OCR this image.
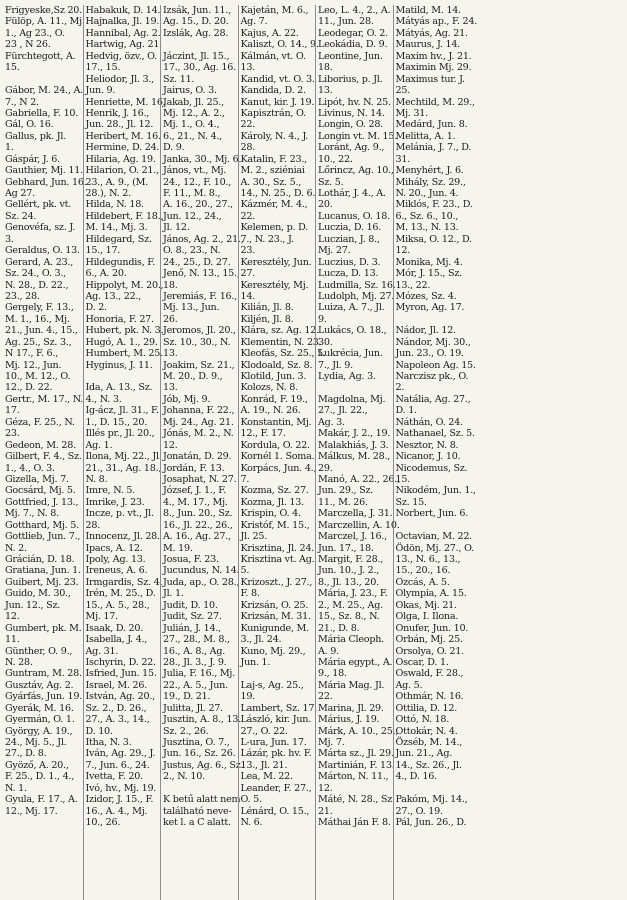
Frigyeske,Sz 20.
Fülöp, A. 11., Mj.
1., Ag 23., O.
23 , N 26.
Fürchtegott, A.
15.
Gábor, M. 24., A.
7., N 2.
Gabriella, F. 10.
Gál, O. 16.
Gallus, pk. Jl.
1.
Gáspár, J. 6.
Gauthier, Mj. 11.
Gebhard, Jun. 16.
Ag 27.
Gellért, pk. vt.
Sz. 24.
Genovéfa, sz. J.
3.
Geraldus, O. 13.
Gerard, A. 23.,
Sz. 24., O. 3.,
N. 28., D. 22.,
23., 28.
Gergely, F. 13.,
M. 1., 16., Mj.
21., Jun. 4., 15.,
Ag. 25., Sz. 3.,
N 17., F. 6.,
Mj. 12., Jun.
10., M. 12., O.
12., D. 22.
Gertr., M. 17., N.
17.
Géza, F. 25., N.
23.
Gedeon, M. 28.
Gilbert, F. 4., Sz.
1., 4., O. 3.
Gizella, Mj. 7.
Gocsárd, Mj. 5.
Gottfried, J. 13.,
Mj. 7., N. 8.
Gotthard, Mj. 5.
Gottlieb, Jun. 7.,
N. 2.
Grácián, D. 18.
Gratiana, Jun. 1.
Guibert, Mj. 23.
Guido, M. 30.,
Jun. 12., Sz.
12.
Gumbert, pk. M.
11.
Günther, O. 9.,
N. 28.
Guntram, M. 28.
Gusztáv, Ag. 2.
Gyárfás, Jun. 19.
Gyerák, M. 16.
Gyermán, O. 1.
György, A. 19.,
24., Mj. 5., Jl.
27., D. 8.
Gyöző, A. 20.,
F. 25., D. 1., 4.,
N. 1.
Gyula, F. 17., A.
12., Mj. 17.
Habakuk, D. 14.
Hajnalka, Jl. 19.
Hannibal, Ag. 2.
Hartwig, Ag. 21.
Hedvig, özv., O.
17., 15.
Heliodor, Jl. 3.,
Jun. 9.
Henriette, M. 16.
Henrik, J. 16.,
Jun. 28., Jl. 12.
Heribert, M. 16.
Hermine, D. 24.
Hilaria, Ag. 19.
Hilarion, O. 21.,
23., A. 9., (M.
28.), N. 2.
Hilda, N. 18.
Hildebert, F. 18.,
M. 14., Mj. 3.
Hildegard, Sz.
15., 17.
Hildegundis, F.
6., A. 20.
Hippolyt, M. 20.,
Ag. 13., 22.,
D. 2.
Honoria, F. 27.
Hubert, pk. N. 3.
Hugó, A. 1., 29.
Humbert, M. 25.
Hyginus, J. 11.
Ida, A. 13., Sz.
4., N. 3.
Ig-ácz, Jl. 31., F.
1., D. 15., 20.
Illés pr., Jl. 20.,
Ag. 1.
Ilona, Mj. 22., Jl.
21., 31., Ag. 18.,
N. 8.
Imre, N. 5.
Imrike, J. 23.
Incze, p. vt., Jl.
28.
Innocenz, Jl. 28.
Ipacs, A. 12.
Ipoly, Ag. 13.
Ireneus, A. 6.
Irmgardis, Sz. 4.
Irén, M. 25., D.
15., A. 5., 28.,
Mj. 17.
Isaak, D. 20.
Isabella, J. 4.,
Ag. 31.
Ischyrin, D. 22.
Isfried, Jun. 15.
Israel, M. 26.
István, Ag. 20.,
Sz. 2., D. 26.,
27., A. 3., 14.,
D. 10.
Itha, N. 3.
Iván, Ag. 29., J.
7., Jun. 6., 24.
Ivetta, F. 20.
Ivó, hv., Mj. 19.
Izidor, J. 15., F.
16., A. 4., Mj.
10., 26.
Izsák, Jun. 11.,
Ag. 15., D. 20.
Izslák, Ag. 28.
Jáczint, Jl. 15.,
17., 30., Ag. 16.
Sz. 11.
Jairus, O. 3.
Jakab, Jl. 25.,
Mj. 12., A. 2.,
Mj. 1., O. 4.,
6., 21., N. 4.,
D. 9.
Janka, 30., Mj. 6.
János, vt., Mj.
24., 12., F. 10.,
F. 11., M. 8.,
A. 16., 20., 27.,
Jun. 12., 24.,
Jl. 12.
János, Ag. 2., 21.,
O. 8., 23., N.
24., 25., D. 27.
Jenő, N. 13., 15.,
18.
Jeremiás, F. 16.,
Mj. 13., Jun.
26.
Jeromos, Jl. 20.,
Sz. 10., 30., N.
13.
Joakim, Sz. 21.,
M. 20., D. 9.,
13.
Jób, Mj. 9.
Johanna, F. 22.,
Mj. 24., Ag. 21.
Jónás, M. 2., N.
12.
Jonatán, D. 29.
Jordán, F. 13.
Josaphat, N. 27.
József, J. 1., F.
4., M. 17., Mj.
8., Jun. 20., Sz.
16., Jl. 22., 26.,
A. 16., Ag. 27.,
M. 19.
Josua, F. 23.
Jucundus, N. 14.
Juda, ap., O. 28.,
Jl. 1.
Judit, D. 10.
Judit, Sz. 27.
Julián, J. 14.,
27., 28., M. 8.,
16., A. 8., Ag.
28., Jl. 3., J. 9.
Julia, F. 16., Mj.
22., A. 5., Jun.
19., D. 21.
Julitta, Jl. 27.
Jusztin, A. 8., 13.
Sz. 2., 26.
Jusztina, O. 7.,
Jun. 16., Sz. 26.
Justus, Ag. 6., Sz.
2., N. 10.
K betű alatt nem
található neve-
ket l. a C alatt.
Kajetán, M. 6.,
Ag. 7.
Kajus, A. 22.
Kaliszt, O. 14., 9.
Kálmán, vt. O.
13.
Kandid, vt. O. 3.
Kandida, D. 2.
Kanut, kir. J. 19.
Kapisztrán, O.
22.
Károly, N. 4., J.
28.
Katalin, F. 23.,
M. 2., sziéniai
A. 30., Sz. 5.,
14., N. 25., D. 6.
Kázmér, M. 4.,
22.
Kelemen, p. D.
7., N. 23., J.
23.
Keresztély, Jun.
27.
Keresztély, Mj.
14.
Kilián, Jl. 8.
Kiljén, Jl. 8.
Klára, sz. Ag. 12.
Klementin, N. 23.
Kleofás, Sz. 25., 5.
Klodoald, Sz. 8.
Klotild, Jun. 3.
Kolozs, N. 8.
Konrád, F. 19.,
A. 19., N. 26.
Konstantin, Mj.
12., F. 17.
Kordula, O. 22.
Kornél 1. Soma.
Korpács, Jun. 4.,
7.
Kozma, Sz. 27.
Kozma, Jl. 13.
Krispin, O. 4.
Kristóf, M. 15.,
Jl. 25.
Krisztina, Jl. 24.
Krisztina vt. Ag.
5.
Krizoszt., J. 27.,
F. 8.
Krizsán, O. 25.
Krizsán, M. 31.
Kunigunde, M.
3., Jl. 24.
Kuno, Mj. 29.,
Jun. 1.
Laj-s, Ag. 25.,
19.
Lambert, Sz. 17.
László, kir. Jun.
27., O. 22.
L-ura, Jun. 17.
Lázár, pk. hv. F.
13., Jl. 21.
Lea, M. 22.
Leander, F. 27.,
O. 5.
Lénárd, O. 15.,
N. 6.
Leo, L. 4., 2., A.
11., Jun. 28.
Leodegar, O. 2.
Leokádia, D. 9.
Leontine, Jun.
18.
Liborius, p. Jl.
13.
Lipót, hv. N. 25.
Livinus, N. 14.
Longin, O. 28.
Longin vt. M. 15.
Loránt, Ag. 9.,
10., 22.
Lőrincz, Ag. 10.,
Sz. 5.
Lothár, J. 4., A.
20.
Lucanus, O. 18.
Luczia, D. 16.
Luczian, J. 8.,
Mj. 27.
Luczius, D. 3.
Lucza, D. 13.
Ludmilla, Sz. 16.
Ludolph, Mj. 27.
Luiza, A. 7., Jl.
9.
Lukács, O. 18.,
30.
Lukrécia, Jun.
7., Jl. 9.
Lydia, Ag. 3.
Magdolna, Mj.
27., Jl. 22.,
Ag. 3.
Makár, J. 2., 19.
Malakhiás, J. 3.
Málkus, M. 28.,
29.
Manó, A. 22., 26.,
Jun. 29., Sz.
11., M. 26.
Marczella, J. 31.
Marczellin, A. 10.
Marczel, J. 16.,
Jun. 17., 18.
Margit, F. 28.,
Jun. 10., J. 2.,
8., Jl. 13., 20.
Mária, J. 23., F.
2., M. 25., Ag.
15., Sz. 8., N.
21., D. 8.
Mária Cleoph.
A. 9.
Mária egypt., A.
9., 18.
Mária Mag. Jl.
22.
Marina, Jl. 29.
Márius, J. 19.
Márk, A. 10., 25.,
Mj. 7.
Márta sz., Jl. 29.
Martinián, F. 13.
Márton, N. 11.,
12.
Máté, N. 28., Sz.
21.
Máthai Ján F. 8.
Matild, M. 14.
Mátyás ap., F. 24.
Mátyás, Ag. 21.
Maurus, J. 14.
Maxim hv., J. 21.
Maximin Mj. 29.
Maximus tur. J.
25.
Mechtild, M. 29.,
Mj. 31.
Medárd, Jun. 8.
Melitta, A. 1.
Melánia, J. 7., D.
31.
Menyhért, J. 6.
Mihály, Sz. 29.,
N. 20., Jun. 4.
Miklós, F. 23., D.
6., Sz. 6., 10.,
M. 13., N. 13.
Miksa, O. 12., D.
12.
Monika, Mj. 4.
Mór, J. 15., Sz.
13., 22.
Mózes, Sz. 4.
Myron, Ag. 17.
Nádor, Jl. 12.
Nándor, Mj. 30.,
Jun. 23., O. 19.
Napoleon Ag. 15.
Narczisz pk., O.
2.
Natália, Ag. 27.,
D. 1.
Náthán, O. 24.
Nathanael, Sz. 5.
Nesztor, N. 8.
Nicanor, J. 10.
Nicodemus, Sz.
15.
Nikodém, Jun. 1.,
Sz. 15.
Norbert, Jun. 6.
Octavian, M. 22.
Ödön, Mj. 27., O.
13., N. 6., 13.,
15., 20., 16.
Ozcás, A. 5.
Olympia, A. 15.
Okas, Mj. 21.
Olga, I. Ilona.
Onufer, Jun. 10.
Orbán, Mj. 25.
Orsolya, O. 21.
Oscar, D. 1.
Oswald, F. 28.,
Ag. 5.
Othmár, N. 16.
Ottilia, D. 12.
Ottó, N. 18.
Ottokár, N. 4.
Özséb, M. 14.,
Jun. 21., Ag.
14., Sz. 26., Jl.
4., D. 16.
Pakóm, Mj. 14.,
27., O. 19.
Pál, Jun. 26., D.
